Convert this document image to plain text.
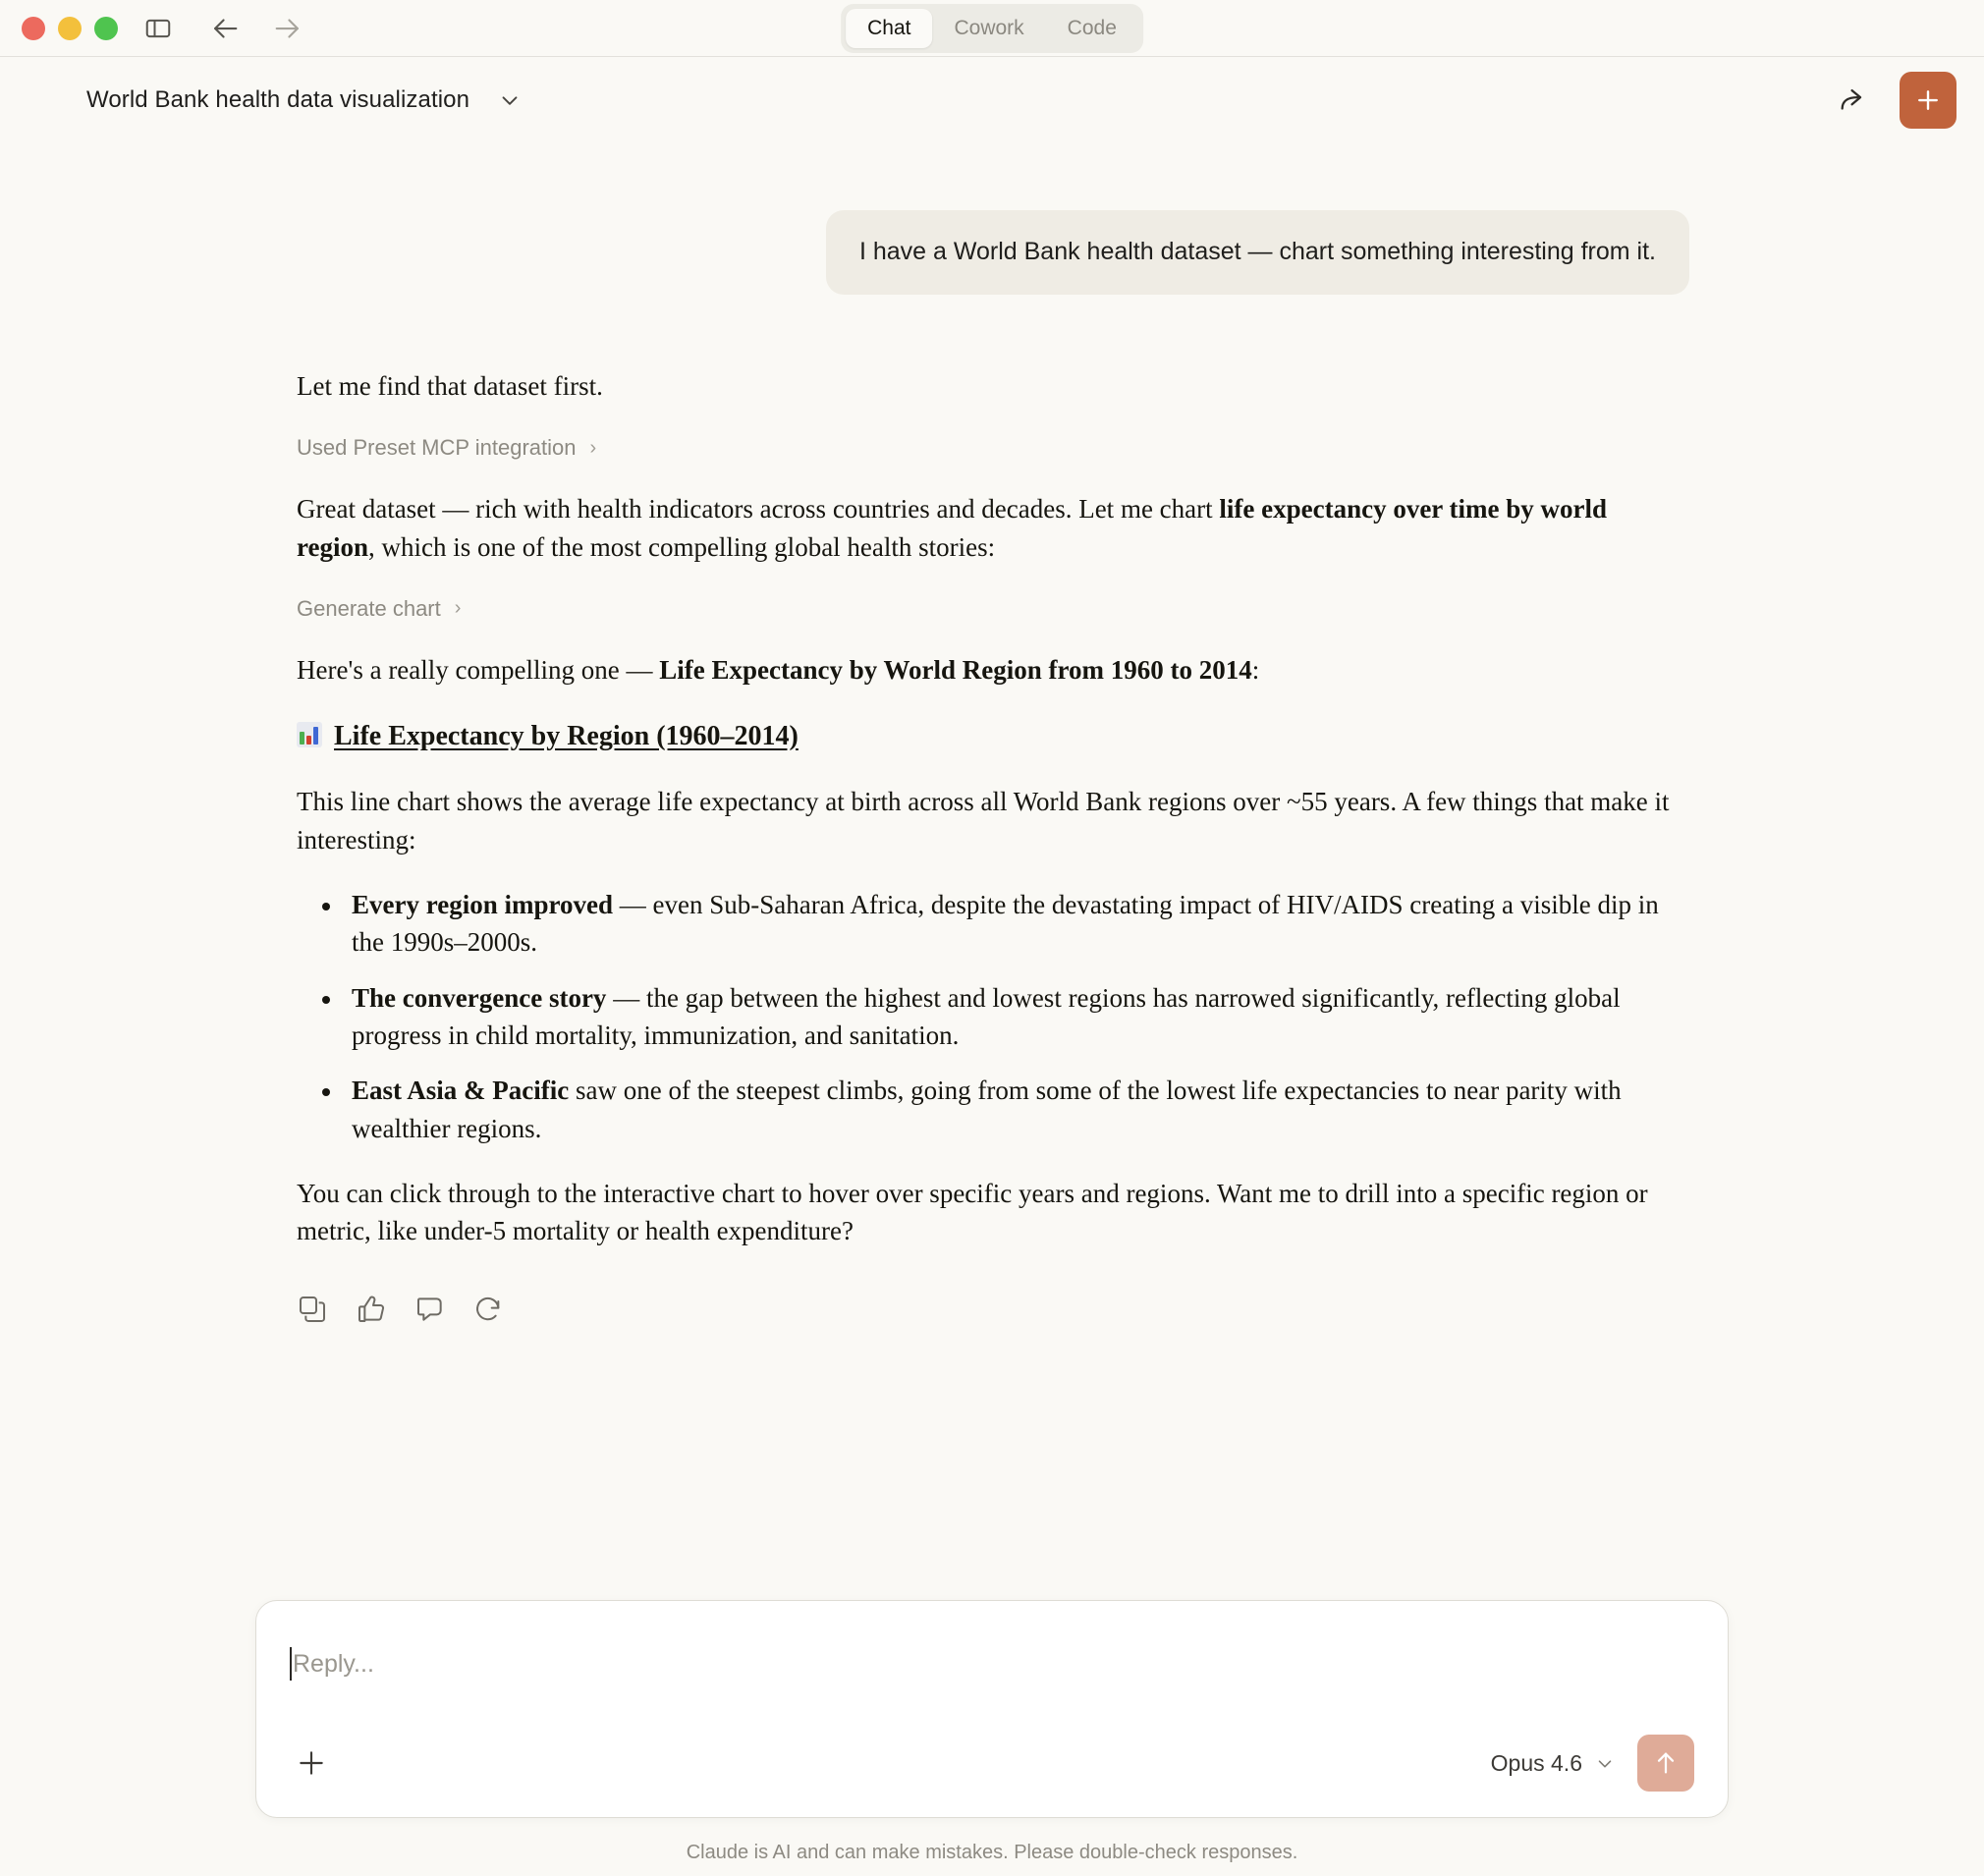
Chat	Cowork	Code
World Bank health data visualization
I have a World Bank health dataset — chart something interesting from it.

Let me find that dataset first.

Used Preset MCP integration ›

Great dataset — rich with health indicators across countries and decades. Let me chart life expectancy over time by world region, which is one of the most compelling global health stories:

Generate chart ›

Here's a really compelling one — Life Expectancy by World Region from 1960 to 2014:

Life Expectancy by Region (1960–2014)

This line chart shows the average life expectancy at birth across all World Bank regions over ~55 years. A few things that make it interesting:

Every region improved — even Sub-Saharan Africa, despite the devastating impact of HIV/AIDS creating a visible dip in the 1990s–2000s.
The convergence story — the gap between the highest and lowest regions has narrowed significantly, reflecting global progress in child mortality, immunization, and sanitation.
East Asia & Pacific saw one of the steepest climbs, going from some of the lowest life expectancies to near parity with wealthier regions.

You can click through to the interactive chart to hover over specific years and regions. Want me to drill into a specific region or metric, like under-5 mortality or health expenditure?

Reply...
Opus 4.6
Claude is AI and can make mistakes. Please double-check responses.
